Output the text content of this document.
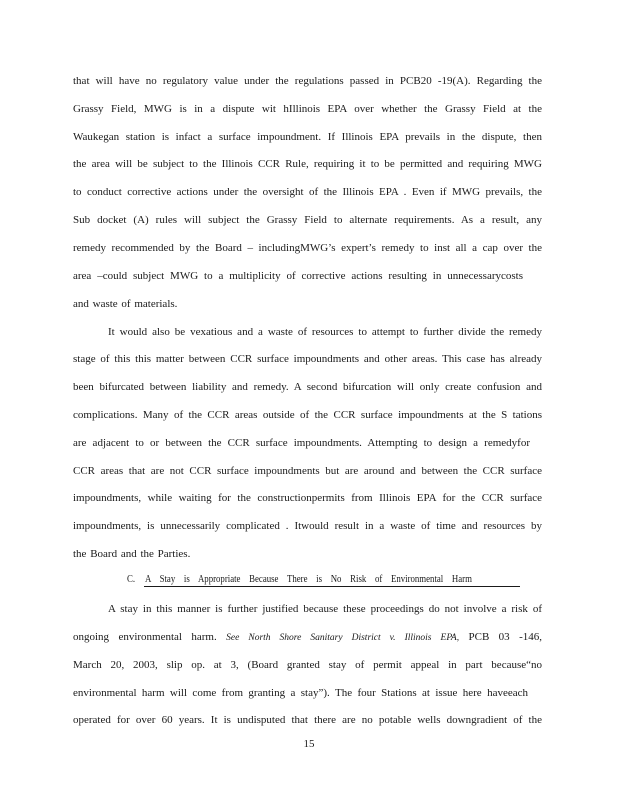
that will have no regulatory value under the regulations passed in PCB20 -19(A). Regarding the
Grassy Field, MWG is in a dispute wit hIllinois EPA over whether the Grassy Field at the
Waukegan station is infact a surface impoundment. If Illinois EPA prevails in the dispute, then
the area will be subject to the Illinois CCR Rule, requiring it to be permitted and requiring MWG
to conduct corrective actions under the oversight of the Illinois EPA . Even if MWG prevails, the
Sub docket (A) rules will subject the Grassy Field to alternate requirements. As a result, any
remedy recommended by the Board – includingMWG’s expert’s remedy to inst all a cap over the
area –could subject MWG to a multiplicity of corrective actions resulting in unnecessarycosts
and waste of materials.
It would also be vexatious and a waste of resources to attempt to further divide the remedy
stage of this this matter between CCR surface impoundments and other areas. This case has already
been bifurcated between liability and remedy. A second bifurcation will only create confusion and
complications. Many of the CCR areas outside of the CCR surface impoundments at the S tations
are adjacent to or between the CCR surface impoundments. Attempting to design a remedyfor
CCR areas that are not CCR surface impoundments but are around and between the CCR surface
impoundments, while waiting for the constructionpermits from Illinois EPA for the CCR surface
impoundments, is unnecessarily complicated . Itwould result in a waste of time and resources by
the Board and the Parties.
C. A Stay is Appropriate Because There is No Risk of Environmental Harm
A stay in this manner is further justified because these proceedings do not involve a risk of
ongoing environmental harm. See North Shore Sanitary District v. Illinois EPA, PCB 03 -146,
March 20, 2003, slip op. at 3, (Board granted stay of permit appeal in part because“no
environmental harm will come from granting a stay”). The four Stations at issue here haveeach
operated for over 60 years. It is undisputed that there are no potable wells downgradient of the
15
